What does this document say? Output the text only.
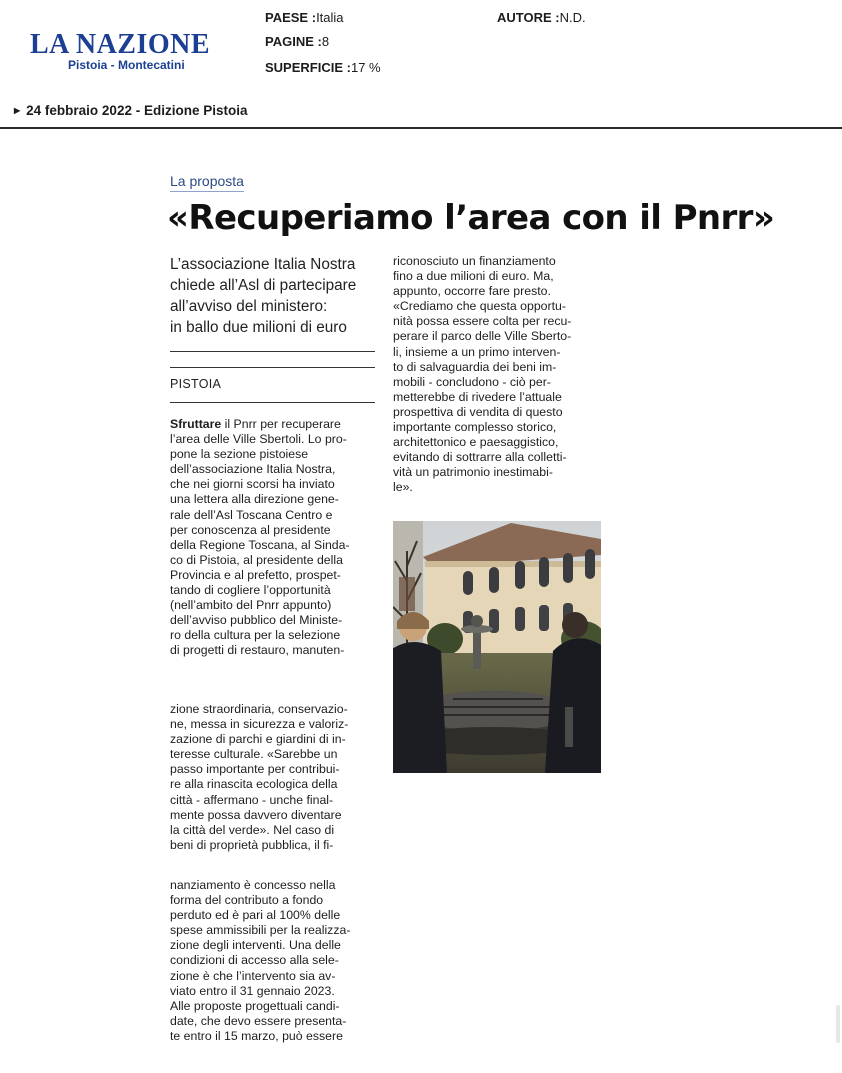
LA NAZIONE
Pistoia - Montecatini
PAESE :Italia
PAGINE :8
SUPERFICIE :17 %
AUTORE :N.D.
▶ 24 febbraio 2022 - Edizione Pistoia
La proposta
«Recuperiamo l’area con il Pnrr»
L’associazione Italia Nostra
chiede all’Asl di partecipare
all’avviso del ministero:
in ballo due milioni di euro
PISTOIA
Sfruttare il Pnrr per recuperare
l’area delle Ville Sbertoli. Lo pro-
pone la sezione pistoiese
dell’associazione Italia Nostra,
che nei giorni scorsi ha inviato
una lettera alla direzione gene-
rale dell’Asl Toscana Centro e
per conoscenza al presidente
della Regione Toscana, al Sinda-
co di Pistoia, al presidente della
Provincia e al prefetto, prospet-
tando di cogliere l’opportunità
(nell’ambito del Pnrr appunto)
dell’avviso pubblico del Ministe-
ro della cultura per la selezione
di progetti di restauro, manuten-
zione straordinaria, conservazio-
ne, messa in sicurezza e valoriz-
zazione di parchi e giardini di in-
teresse culturale. «Sarebbe un
passo importante per contribui-
re alla rinascita ecologica della
città - affermano - unche final-
mente possa davvero diventare
la città del verde». Nel caso di
beni di proprietà pubblica, il fi-
nanziamento è concesso nella
forma del contributo a fondo
perduto ed è pari al 100% delle
spese ammissibili per la realizza-
zione degli interventi. Una delle
condizioni di accesso alla sele-
zione è che l’intervento sia av-
viato entro il 31 gennaio 2023.
Alle proposte progettuali candi-
date, che devo essere presenta-
te entro il 15 marzo, può essere
riconosciuto un finanziamento
fino a due milioni di euro. Ma,
appunto, occorre fare presto.
«Crediamo che questa opportu-
nità possa essere colta per recu-
perare il parco delle Ville Sberto-
li, insieme a un primo interven-
to di salvaguardia dei beni im-
mobili - concludono - ciò per-
metterebbe di rivedere l’attuale
prospettiva di vendita di questo
importante complesso storico,
architettonico e paesaggistico,
evitando di sottrarre alla colletti-
vità un patrimonio inestimabi-
le».
